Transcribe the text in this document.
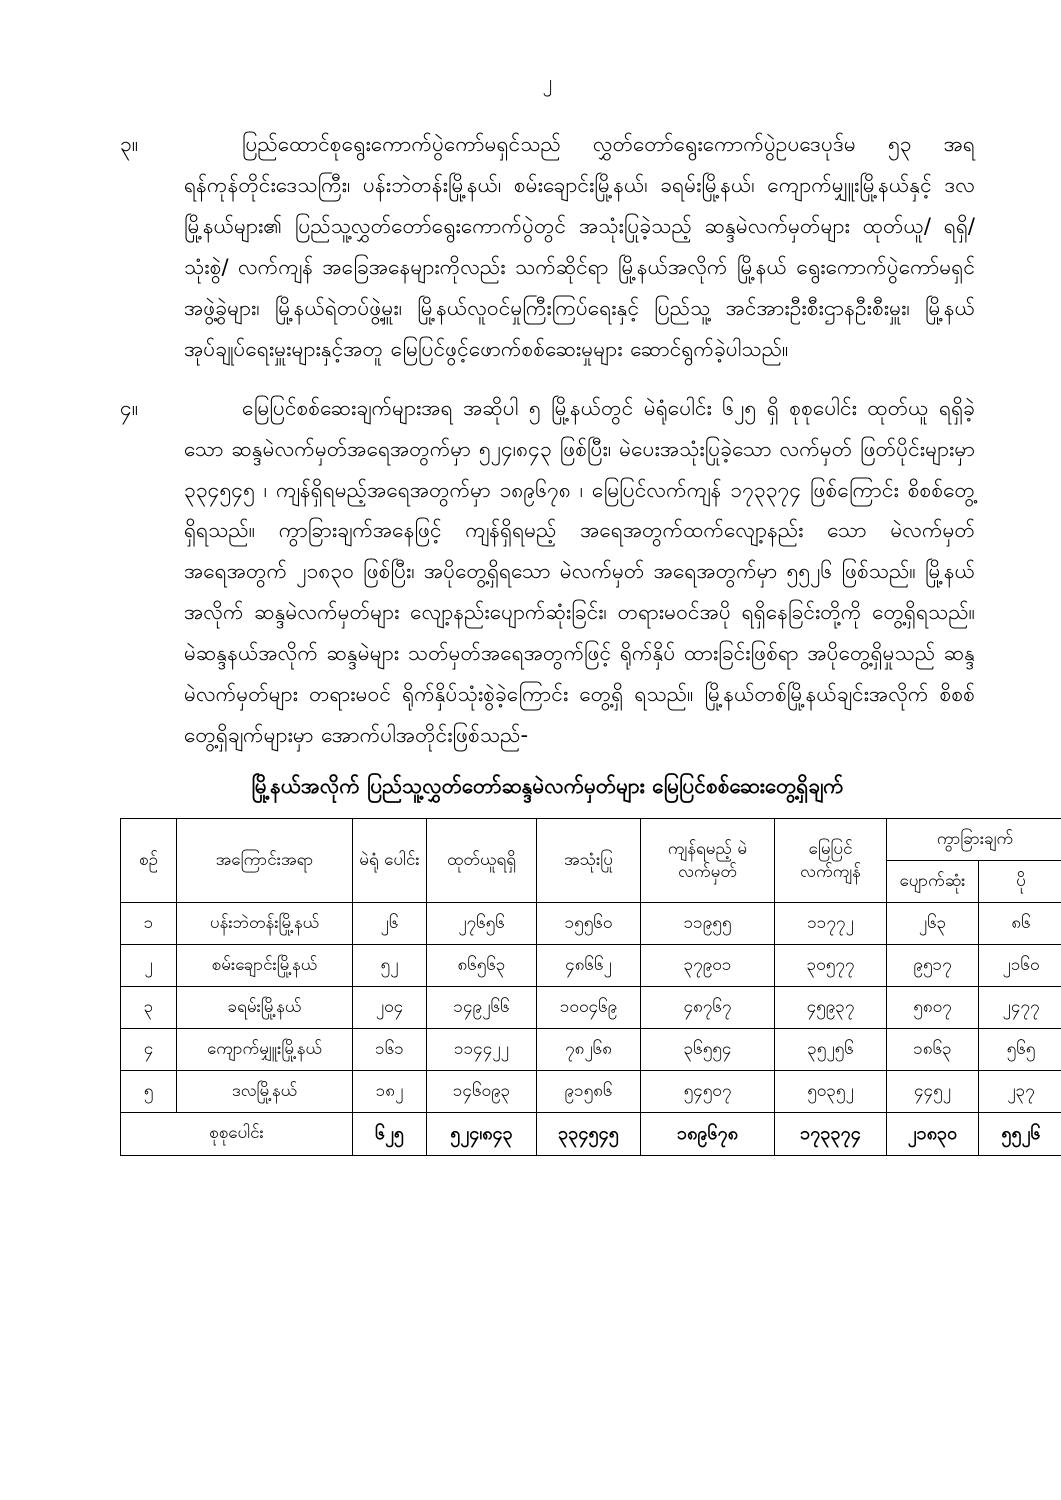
၂
၃။	ပြည်ထောင်စုရွေးကောက်ပွဲကော်မရှင်သည် လွှတ်တော်ရွေးကောက်ပွဲဥပဒေပုဒ်မ ၅၃ အရ ရန်ကုန်တိုင်းဒေသကြီး၊ ပန်းဘဲတန်းမြို့နယ်၊ စမ်းချောင်းမြို့နယ်၊ ခရမ်းမြို့နယ်၊ ကျောက်မျှူးမြို့နယ်နှင့် ဒလမြို့နယ်များ၏ ပြည်သူ့လွှတ်တော်ရွေးကောက်ပွဲတွင် အသုံးပြုခဲ့သည့် ဆန္ဒမဲလက်မှတ်များ ထုတ်ယူ/ ရရှိ/ သုံးစွဲ/ လက်ကျန် အခြေအနေများကိုလည်း သက်ဆိုင်ရာ မြို့နယ်အလိုက် မြို့နယ် ရွေးကောက်ပွဲကော်မရှင်အဖွဲ့ခွဲများ၊ မြို့နယ်ရဲတပ်ဖွဲ့မှူး၊ မြို့နယ်လူဝင်မှုကြီးကြပ်ရေးနှင့် ပြည်သူ့ အင်အားဦးစီးဌာနဦးစီးမှူး၊ မြို့နယ်အုပ်ချုပ်ရေးမှူးများနှင့်အတူ မြေပြင်ဖွင့်ဖောက်စစ်ဆေးမှုများ ဆောင်ရွက်ခဲ့ပါသည်။
၄။	မြေပြင်စစ်ဆေးချက်များအရ အဆိုပါ ၅ မြို့နယ်တွင် မဲရုံပေါင်း ၆၂၅ ရှိ စုစုပေါင်း ထုတ်ယူ ရရှိခဲ့သော ဆန္ဒမဲလက်မှတ်အရေအတွက်မှာ ၅၂၄၊၈၄၃ ဖြစ်ပြီး၊ မဲပေးအသုံးပြုခဲ့သော လက်မှတ် ဖြတ်ပိုင်းများမှာ ၃၃၄၅၄၅ ၊ ကျန်ရှိရမည့်အရေအတွက်မှာ ၁၈၉၆၇၈ ၊ မြေပြင်လက်ကျန် ၁၇၃၃၇၄ ဖြစ်ကြောင်း စိစစ်တွေ့ရှိရသည်။ ကွာခြားချက်အနေဖြင့် ကျန်ရှိရမည့် အရေအတွက်ထက်လျော့နည်း သော မဲလက်မှတ်အရေအတွက် ၂၁၈၃၀ ဖြစ်ပြီး၊ အပိုတွေ့ရှိရသော မဲလက်မှတ် အရေအတွက်မှာ ၅၅၂၆ ဖြစ်သည်။ မြို့နယ်အလိုက် ဆန္ဒမဲလက်မှတ်များ လျော့နည်းပျောက်ဆုံးခြင်း၊ တရားမဝင်အပို ရရှိနေခြင်းတို့ကို တွေ့ရှိရသည်။ မဲဆန္ဒနယ်အလိုက် ဆန္ဒမဲများ သတ်မှတ်အရေအတွက်ဖြင့် ရိုက်နှိပ် ထားခြင်းဖြစ်ရာ အပိုတွေ့ရှိမှုသည် ဆန္ဒမဲလက်မှတ်များ တရားမဝင် ရိုက်နှိပ်သုံးစွဲခဲ့ကြောင်း တွေ့ရှိ ရသည်။ မြို့နယ်တစ်မြို့နယ်ချင်းအလိုက် စိစစ်တွေ့ရှိချက်များမှာ အောက်ပါအတိုင်းဖြစ်သည်-
မြို့နယ်အလိုက် ပြည်သူ့လွှတ်တော်ဆန္ဒမဲလက်မှတ်များ မြေပြင်စစ်ဆေးတွေ့ရှိချက်
စဉ်	အကြောင်းအရာ	မဲရုံ ပေါင်း	ထုတ်ယူရရှိ	အသုံးပြု	ကျန်ရမည့် မဲလက်မှတ်	မြေပြင် လက်ကျန်	ကွာခြားချက်	
							ပျောက်ဆုံး	ပို
၁	ပန်းဘဲတန်းမြို့နယ်	၂၆	၂၇၆၅၆	၁၅၅၆၀	၁၁၉၅၅	၁၁၇၇၂	၂၆၃	၈၆
၂	စမ်းချောင်းမြို့နယ်	၅၂	၈၆၅၆၃	၄၈၆၆၂	၃၇၉၀၁	၃၀၅၇၇	၉၅၁၇	၂၁၆၀
၃	ခရမ်းမြို့နယ်	၂၀၄	၁၄၉၂၆၆	၁၀၀၄၆၉	၄၈၇၆၇	၄၅၉၃၇	၅၈၀၇	၂၄၇၇
၄	ကျောက်မျှူးမြို့နယ်	၁၆၁	၁၁၄၄၂၂	၇၈၂၆၈	၃၆၅၅၄	၃၅၂၅၆	၁၈၆၃	၅၆၅
၅	ဒလမြို့နယ်	၁၈၂	၁၄၆၀၉၃	၉၁၅၈၆	၅၄၅၀၇	၅၀၃၅၂	၄၄၅၂	၂၃၇
စုစုပေါင်း		၆၂၅	၅၂၄၊၈၄၃	၃၃၄၅၄၅	၁၈၉၆၇၈	၁၇၃၃၇၄	၂၁၈၃၀	၅၅၂၆
